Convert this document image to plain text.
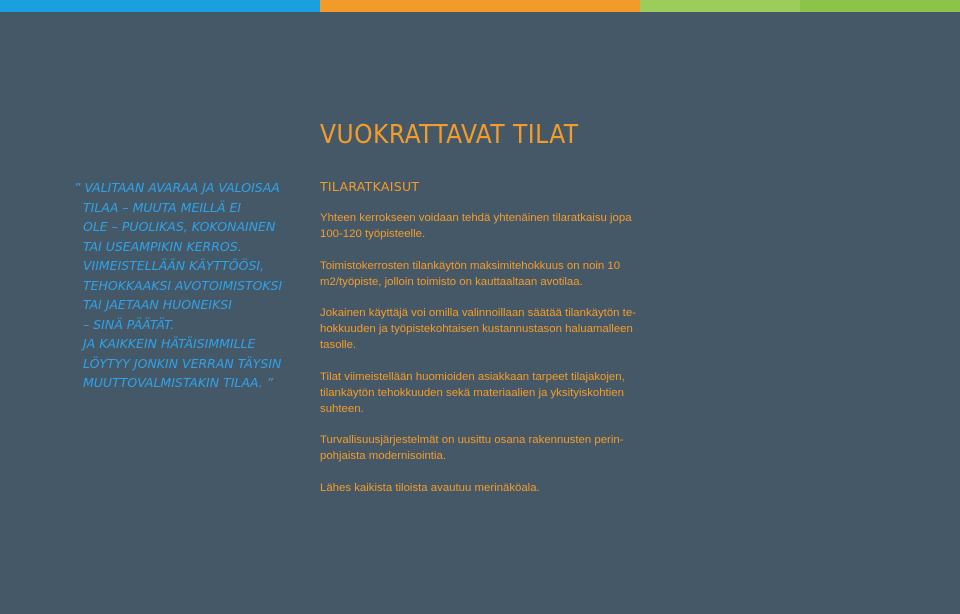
VUOKRATTAVAT TILAT
” VALITAAN AVARAA JA VALOISAA
TILAA – MUUTA MEILLÄ EI
OLE – PUOLIKAS, KOKONAINEN
TAI USEAMPIKIN KERROS.
VIIMEISTELLÄÄN KÄYTTÖÖSI,
TEHOKKAAKSI AVOTOIMISTOKSI
TAI JAETAAN HUONEIKSI
– SINÄ PÄÄTÄT.
JA KAIKKEIN HÄTÄISIMMILLE
LÖYTYY JONKIN VERRAN TÄYSIN
MUUTTOVALMISTAKIN TILAA. ”
TILARATKAISUT

Yhteen kerrokseen voidaan tehdä yhtenäinen tilaratkaisu jopa
100-120 työpisteelle.

Toimistokerrosten tilankäytön maksimitehokkuus on noin 10
m2/työpiste, jolloin toimisto on kauttaaltaan avotilaa.

Jokainen käyttäjä voi omilla valinnoillaan säätää tilankäytön te-
hokkuuden ja työpistekohtaisen kustannustason haluamalleen
tasolle.

Tilat viimeistellään huomioiden asiakkaan tarpeet tilajakojen,
tilankäytön tehokkuuden sekä materiaalien ja yksityiskohtien
suhteen.

Turvallisuusjärjestelmät on uusittu osana rakennusten perin-
pohjaista modernisointia.

Lähes kaikista tiloista avautuu merinäköala.
